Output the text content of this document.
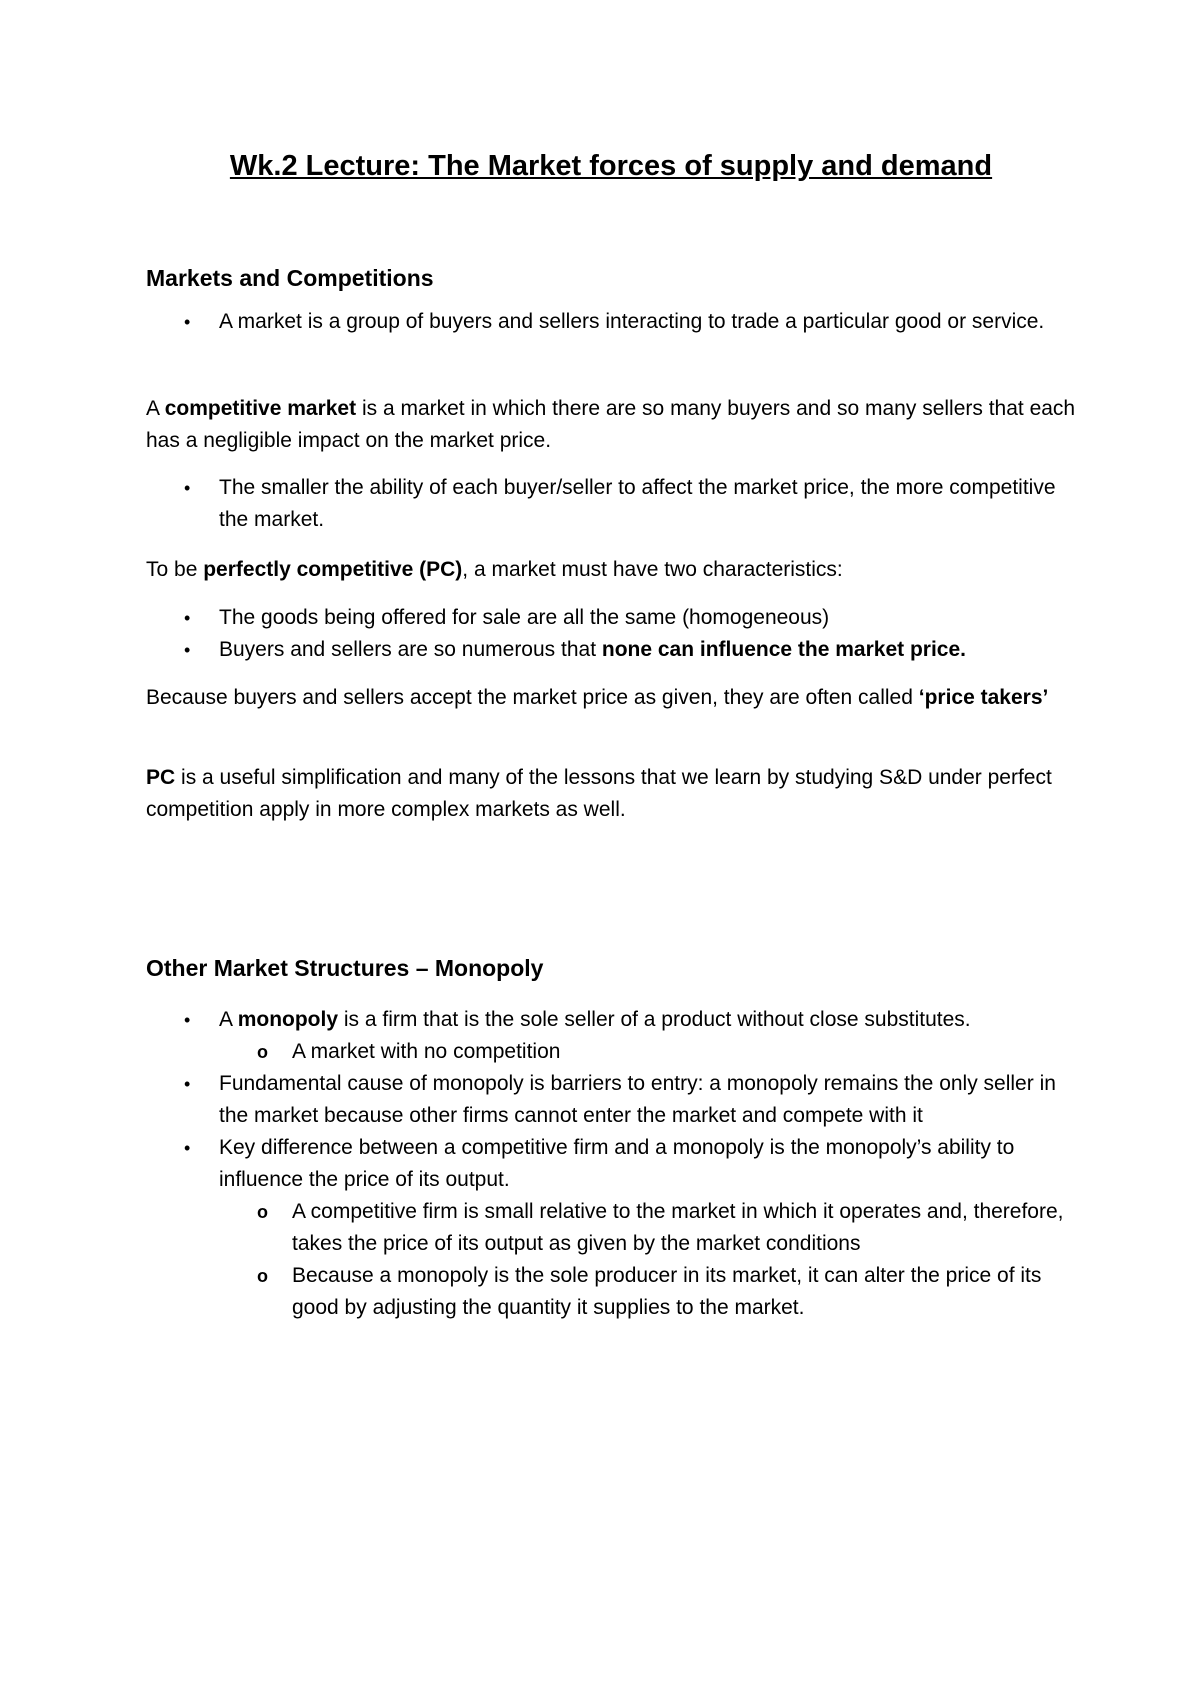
Wk.2 Lecture: The Market forces of supply and demand
Markets and Competitions
• A market is a group of buyers and sellers interacting to trade a particular good or service.

A competitive market is a market in which there are so many buyers and so many sellers that each has a negligible impact on the market price.

• The smaller the ability of each buyer/seller to affect the market price, the more competitive the market.

To be perfectly competitive (PC), a market must have two characteristics:

• The goods being offered for sale are all the same (homogeneous)
• Buyers and sellers are so numerous that none can influence the market price.

Because buyers and sellers accept the market price as given, they are often called ‘price takers’

PC is a useful simplification and many of the lessons that we learn by studying S&D under perfect competition apply in more complex markets as well.

Other Market Structures – Monopoly
• A monopoly is a firm that is the sole seller of a product without close substitutes.
o A market with no competition
• Fundamental cause of monopoly is barriers to entry: a monopoly remains the only seller in the market because other firms cannot enter the market and compete with it
• Key difference between a competitive firm and a monopoly is the monopoly’s ability to influence the price of its output.
o A competitive firm is small relative to the market in which it operates and, therefore, takes the price of its output as given by the market conditions
o Because a monopoly is the sole producer in its market, it can alter the price of its good by adjusting the quantity it supplies to the market.
